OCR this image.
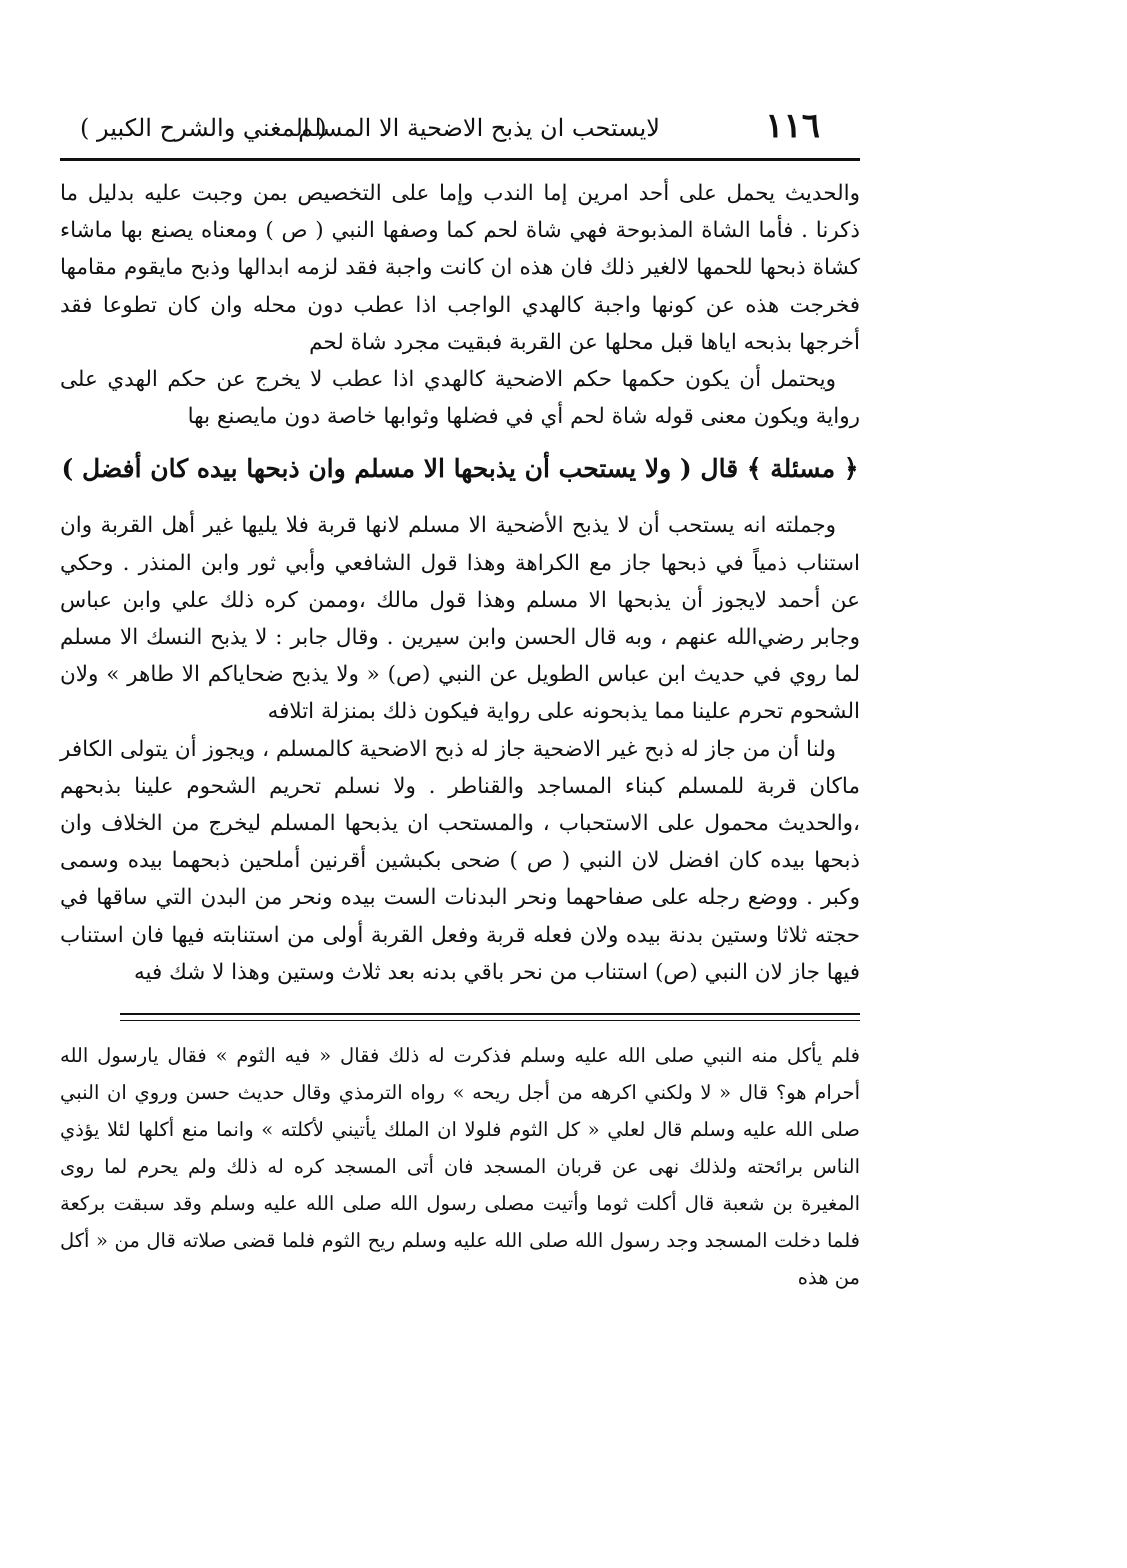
١١٦
لايستحب ان يذبح الاضحية الا المسلم
( المغني والشرح الكبير )

والحديث يحمل على أحد امرين إما الندب وإما على التخصيص بمن وجبت عليه بدليل ما ذكرنا . فأما الشاة المذبوحة فهي شاة لحم كما وصفها النبي ( ص ) ومعناه يصنع بها ماشاء كشاة ذبحها للحمها لالغير ذلك فان هذه ان كانت واجبة فقد لزمه ابدالها وذبح مايقوم مقامها فخرجت هذه عن كونها واجبة كالهدي الواجب اذا عطب دون محله وان كان تطوعا فقد أخرجها بذبحه اياها قبل محلها عن القربة فبقيت مجرد شاة لحم

ويحتمل أن يكون حكمها حكم الاضحية كالهدي اذا عطب لا يخرج عن حكم الهدي على رواية ويكون معنى قوله شاة لحم أي في فضلها وثوابها خاصة دون مايصنع بها

﴿ مسئلة ﴾ قال ( ولا يستحب أن يذبحها الا مسلم وان ذبحها بيده كان أفضل )

وجملته انه يستحب أن لا يذبح الأضحية الا مسلم لانها قربة فلا يليها غير أهل القربة وان استناب ذمياً في ذبحها جاز مع الكراهة وهذا قول الشافعي وأبي ثور وابن المنذر . وحكي عن أحمد لايجوز أن يذبحها الا مسلم وهذا قول مالك ،وممن كره ذلك علي وابن عباس وجابر رضي‌الله عنهم ، وبه قال الحسن وابن سيرين . وقال جابر : لا يذبح النسك الا مسلم لما روي في حديث ابن عباس الطويل عن النبي (ص) « ولا يذبح ضحاياكم الا طاهر » ولان الشحوم تحرم علينا مما يذبحونه على رواية فيكون ذلك بمنزلة اتلافه

ولنا أن من جاز له ذبح غير الاضحية جاز له ذبح الاضحية كالمسلم ، ويجوز أن يتولى الكافر ماكان قربة للمسلم كبناء المساجد والقناطر . ولا نسلم تحريم الشحوم علينا بذبحهم ،والحديث محمول على الاستحباب ، والمستحب ان يذبحها المسلم ليخرج من الخلاف وان ذبحها بيده كان افضل لان النبي ( ص ) ضحى بكبشين أقرنين أملحين ذبحهما بيده وسمى وكبر . ووضع رجله على صفاحهما ونحر البدنات الست بيده ونحر من البدن التي ساقها في حجته ثلاثا وستين بدنة بيده ولان فعله قربة وفعل القربة أولى من استنابته فيها فان استناب فيها جاز لان النبي (ص) استناب من نحر باقي بدنه بعد ثلاث وستين وهذا لا شك فيه

فلم يأكل منه النبي صلى الله عليه وسلم فذكرت له ذلك فقال « فيه الثوم » فقال يارسول الله أحرام هو؟ قال « لا ولكني اكرهه من أجل ريحه » رواه الترمذي وقال حديث حسن وروي ان النبي صلى الله عليه وسلم قال لعلي « كل الثوم فلولا ان الملك يأتيني لأكلته » وانما منع أكلها لئلا يؤذي الناس برائحته ولذلك نهى عن قربان المسجد فان أتى المسجد كره له ذلك ولم يحرم لما روى المغيرة بن شعبة قال أكلت ثوما وأتيت مصلى رسول الله صلى الله عليه وسلم وقد سبقت بركعة فلما دخلت المسجد وجد رسول الله صلى الله عليه وسلم ريح الثوم فلما قضى صلاته قال من « أكل من هذه
